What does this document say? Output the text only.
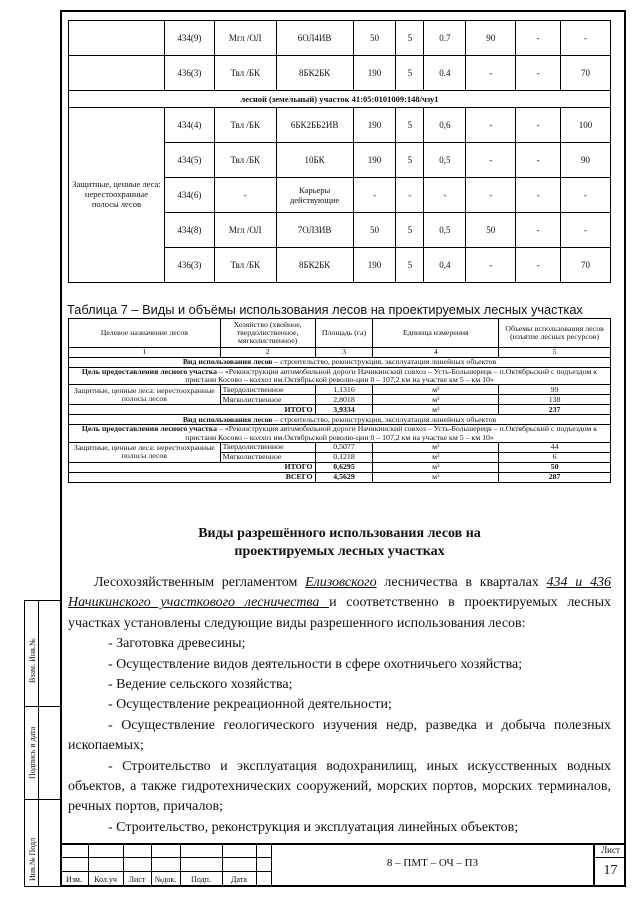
Взам. Инв.№
Подпись и дата
Инв.№ Подл
	434(9)	Мгл /ОЛ	6ОЛ4ИВ	50	5	0.7	90	-	-
	436(3)	Твл /БК	8БК2БК	190	5	0.4	-	-	70
лесной (земельный) участок 41:05:0101009:148/чзу1									
Защитные, ценные леса: нерестоохранные полосы лесов	434(4)	Твл /БК	6БК2ББ2ИВ	190	5	0,6	-	-	100
	434(5)	Твл /БК	10БК	190	5	0,5	-	-	90
	434(6)	-	Карьеры действующие	-	-	-	-	-	-
	434(8)	Мгл /ОЛ	7ОЛЗИВ	50	5	0,5	50	-	-
	436(3)	Твл /БК	8БК2БК	190	5	0,4	-	-	70
Таблица 7 – Виды и объёмы использования лесов на проектируемых лесных участках
Целевое назначение лесов	Хозяйство (хвойное, твердолиственное, мягколиственное)	Площадь (га)	Единица измерения	Объемы использования лесов (изъятие лесных ресурсов)
1	2	3	4	5
Вид использования лесов – строительство, реконструкция, эксплуатация линейных объектов				
Цель предоставления лесного участка – «Реконструкция автомобильной дороги Начикинский совхоз – Усть-Большерецк – п.Октябрьский с подъездом к пристани Косово – колхоз им.Октябрьской револю-ции 0 – 107,2 км на участке км 5 – км 10»				
Защитные, ценные леса: нерестоохранные полосы лесов	Твердолиственное	1,1316	м³	99
	Мягколиственное	2,8018	м³	138
ИТОГО		3,9334	м³	237
Вид использования лесов – строительство, реконструкция, эксплуатация линейных объектов				
Цель предоставления лесного участка – «Реконструкция автомобильной дороги Начикинский совхоз – Усть-Большерецк – п.Октябрьский с подъездом к пристани Косово – колхоз им.Октябрьской револю-ции 0 – 107,2 км на участке км 5 – км 10»				
Защитные, ценные леса: нерестоохранные полосы лесов	Твердолиственное	0,5077	м³	44
	Мягколиственное	0,1218	м³	6
ИТОГО		0,6295	м³	50
ВСЕГО		4,5629	м³	287
Виды разрешённого использования лесов на проектируемых лесных участках

Лесохозяйственным регламентом Елизовского лесничества в кварталах 434 и 436 Начикинского участкового лесничества и соответственно в проектируемых лесных участках установлены следующие виды разрешенного использования лесов:

- Заготовка древесины;

- Осуществление видов деятельности в сфере охотничьего хозяйства;

- Ведение сельского хозяйства;

- Осуществление рекреационной деятельности;

- Осуществление геологического изучения недр, разведка и добыча полезных ископаемых;

- Строительство и эксплуатация водохранилищ, иных искусственных водных объектов, а также гидротехнических сооружений, морских портов, морских терминалов, речных портов, причалов;

- Строительство, реконструкция и эксплуатация линейных объектов;

8 – ПМТ – ОЧ – ПЗ
Лист
17
Изм.	Кол.уч	Лист	№док.	Подп.	Дата
